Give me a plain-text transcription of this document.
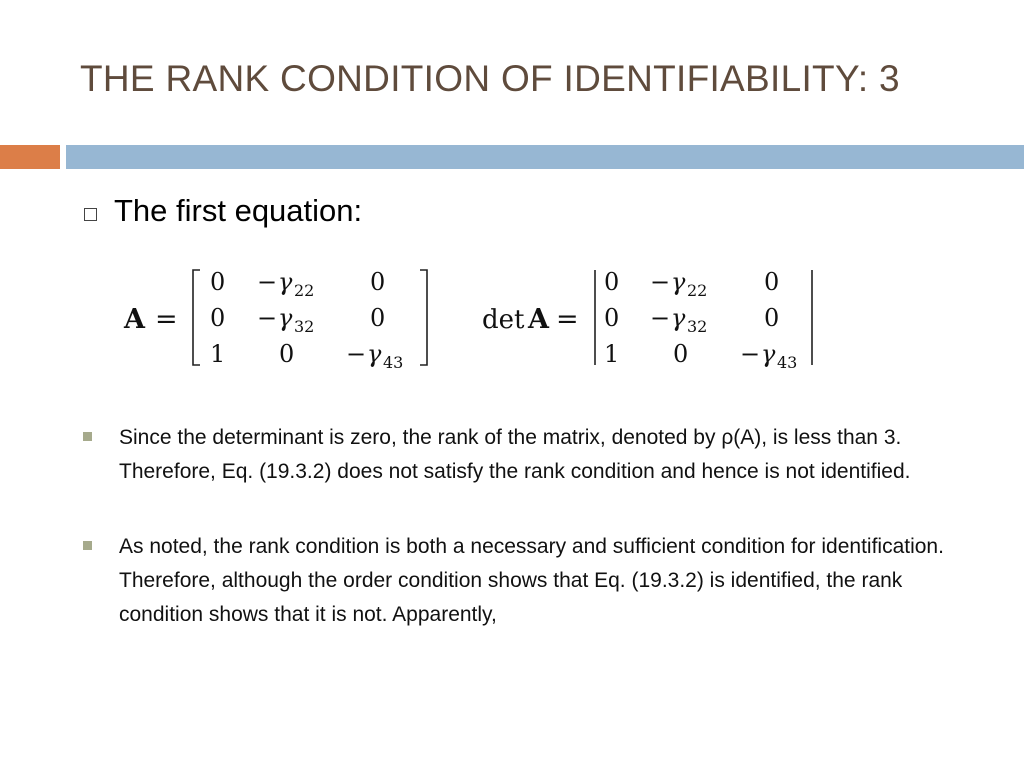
THE RANK CONDITION OF IDENTIFIABILITY: 3
The first equation:
A =
0
0
1
− γ 22
− γ 32
0
0
0
− γ 43
det A =
0
0
1
− γ 22
− γ 32
0
0
0
− γ 43
Since the determinant is zero, the rank of the matrix, denoted by ρ(A), is less than 3. Therefore, Eq. (19.3.2) does not satisfy the rank condition and hence is not identified.
As noted, the rank condition is both a necessary and sufficient condition for identification. Therefore, although the order condition shows that Eq. (19.3.2) is identified, the rank condition shows that it is not. Apparently,
